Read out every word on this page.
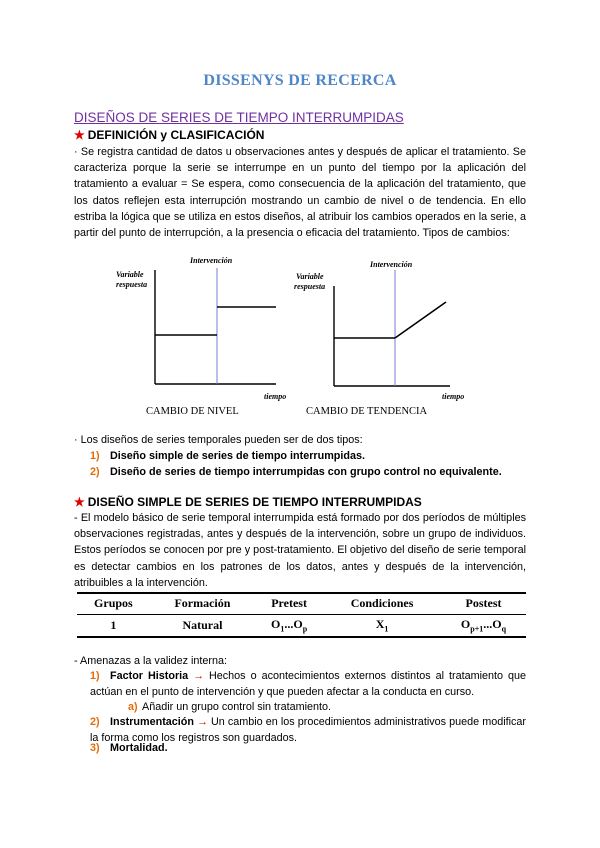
DISSENYS DE RECERCA
DISEÑOS DE SERIES DE TIEMPO INTERRUMPIDAS
★ DEFINICIÓN y CLASIFICACIÓN
· Se registra cantidad de datos u observaciones antes y después de aplicar el tratamiento. Se caracteriza porque la serie se interrumpe en un punto del tiempo por la aplicación del tratamiento a evaluar = Se espera, como consecuencia de la aplicación del tratamiento, que los datos reflejen esta interrupción mostrando un cambio de nivel o de tendencia. En ello estriba la lógica que se utiliza en estos diseños, al atribuir los cambios operados en la serie, a partir del punto de interrupción, a la presencia o eficacia del tratamiento. Tipos de cambios:
Intervención
Variable
respuesta
tiempo
CAMBIO DE NIVEL
Intervención
Variable
respuesta
tiempo
CAMBIO DE TENDENCIA
· Los diseños de series temporales pueden ser de dos tipos:
1) Diseño simple de series de tiempo interrumpidas.
2) Diseño de series de tiempo interrumpidas con grupo control no equivalente.
★ DISEÑO SIMPLE DE SERIES DE TIEMPO INTERRUMPIDAS
- El modelo básico de serie temporal interrumpida está formado por dos períodos de múltiples observaciones registradas, antes y después de la intervención, sobre un grupo de individuos. Estos períodos se conocen por pre y post-tratamiento. El objetivo del diseño de serie temporal es detectar cambios en los patrones de los datos, antes y después de la intervención, atribuibles a la intervención.
Grupos	Formación	Pretest	Condiciones	Postest
1	Natural	$O_1...O_p$	$X_1$	$O_{p+1}...O_q$
- Amenazas a la validez interna:
1) Factor Historia → Hechos o acontecimientos externos distintos al tratamiento que actúan en el punto de intervención y que pueden afectar a la conducta en curso.
a) Añadir un grupo control sin tratamiento.
2) Instrumentación → Un cambio en los procedimientos administrativos puede modificar la forma como los registros son guardados.
3) Mortalidad.
